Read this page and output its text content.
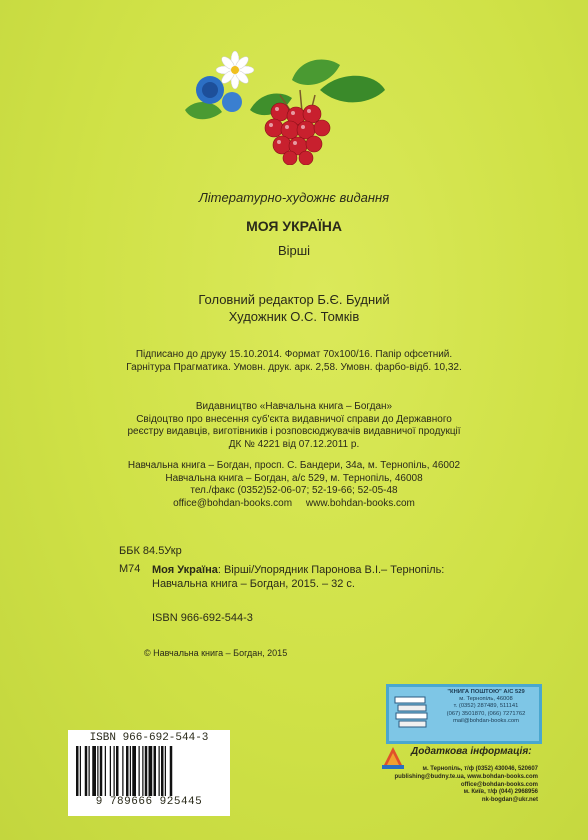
Літературно-художнє видання
МОЯ УКРАЇНА
Вірші
Головний редактор Б.Є. Будний
Художник О.С. Томків
Підписано до друку 15.10.2014. Формат 70x100/16. Папір офсетний.
Гарнітура Прагматика. Умовн. друк. арк. 2,58. Умовн. фарбо-відб. 10,32.
Видавництво «Навчальна книга – Богдан»
Свідоцтво про внесення суб'єкта видавничої справи до Державного
реєстру видавців, виготівників і розповсюджувачів видавничої продукції
ДК № 4221 від 07.12.2011 р.
Навчальна книга – Богдан, просп. С. Бандери, 34а, м. Тернопіль, 46002
Навчальна книга – Богдан, а/с 529, м. Тернопіль, 46008
тел./факс (0352)52-06-07; 52-19-66; 52-05-48
office@bohdan-books.com     www.bohdan-books.com
ББК 84.5Укр
М74 Моя Україна: Вірші/Упорядник Паронова В.І.– Тернопіль:
Навчальна книга – Богдан, 2015. – 32 с.
ISBN 966-692-544-3
© Навчальна книга – Богдан, 2015
ISBN 966-692-544-3
9 789666 925445
"КНИГА ПОШТОЮ" А/С 529
м. Тернопіль, 46008
т. (0352) 287489, 511141
(067) 3501870, (066) 7271762
mail@bohdan-books.com
Додаткова інформація:
м. Тернопіль, т/ф (0352) 430046, 520607
publishing@budny.te.ua, www.bohdan-books.com
office@bohdan-books.com
м. Київ, т/ф (044) 2968956
nk-bogdan@ukr.net
